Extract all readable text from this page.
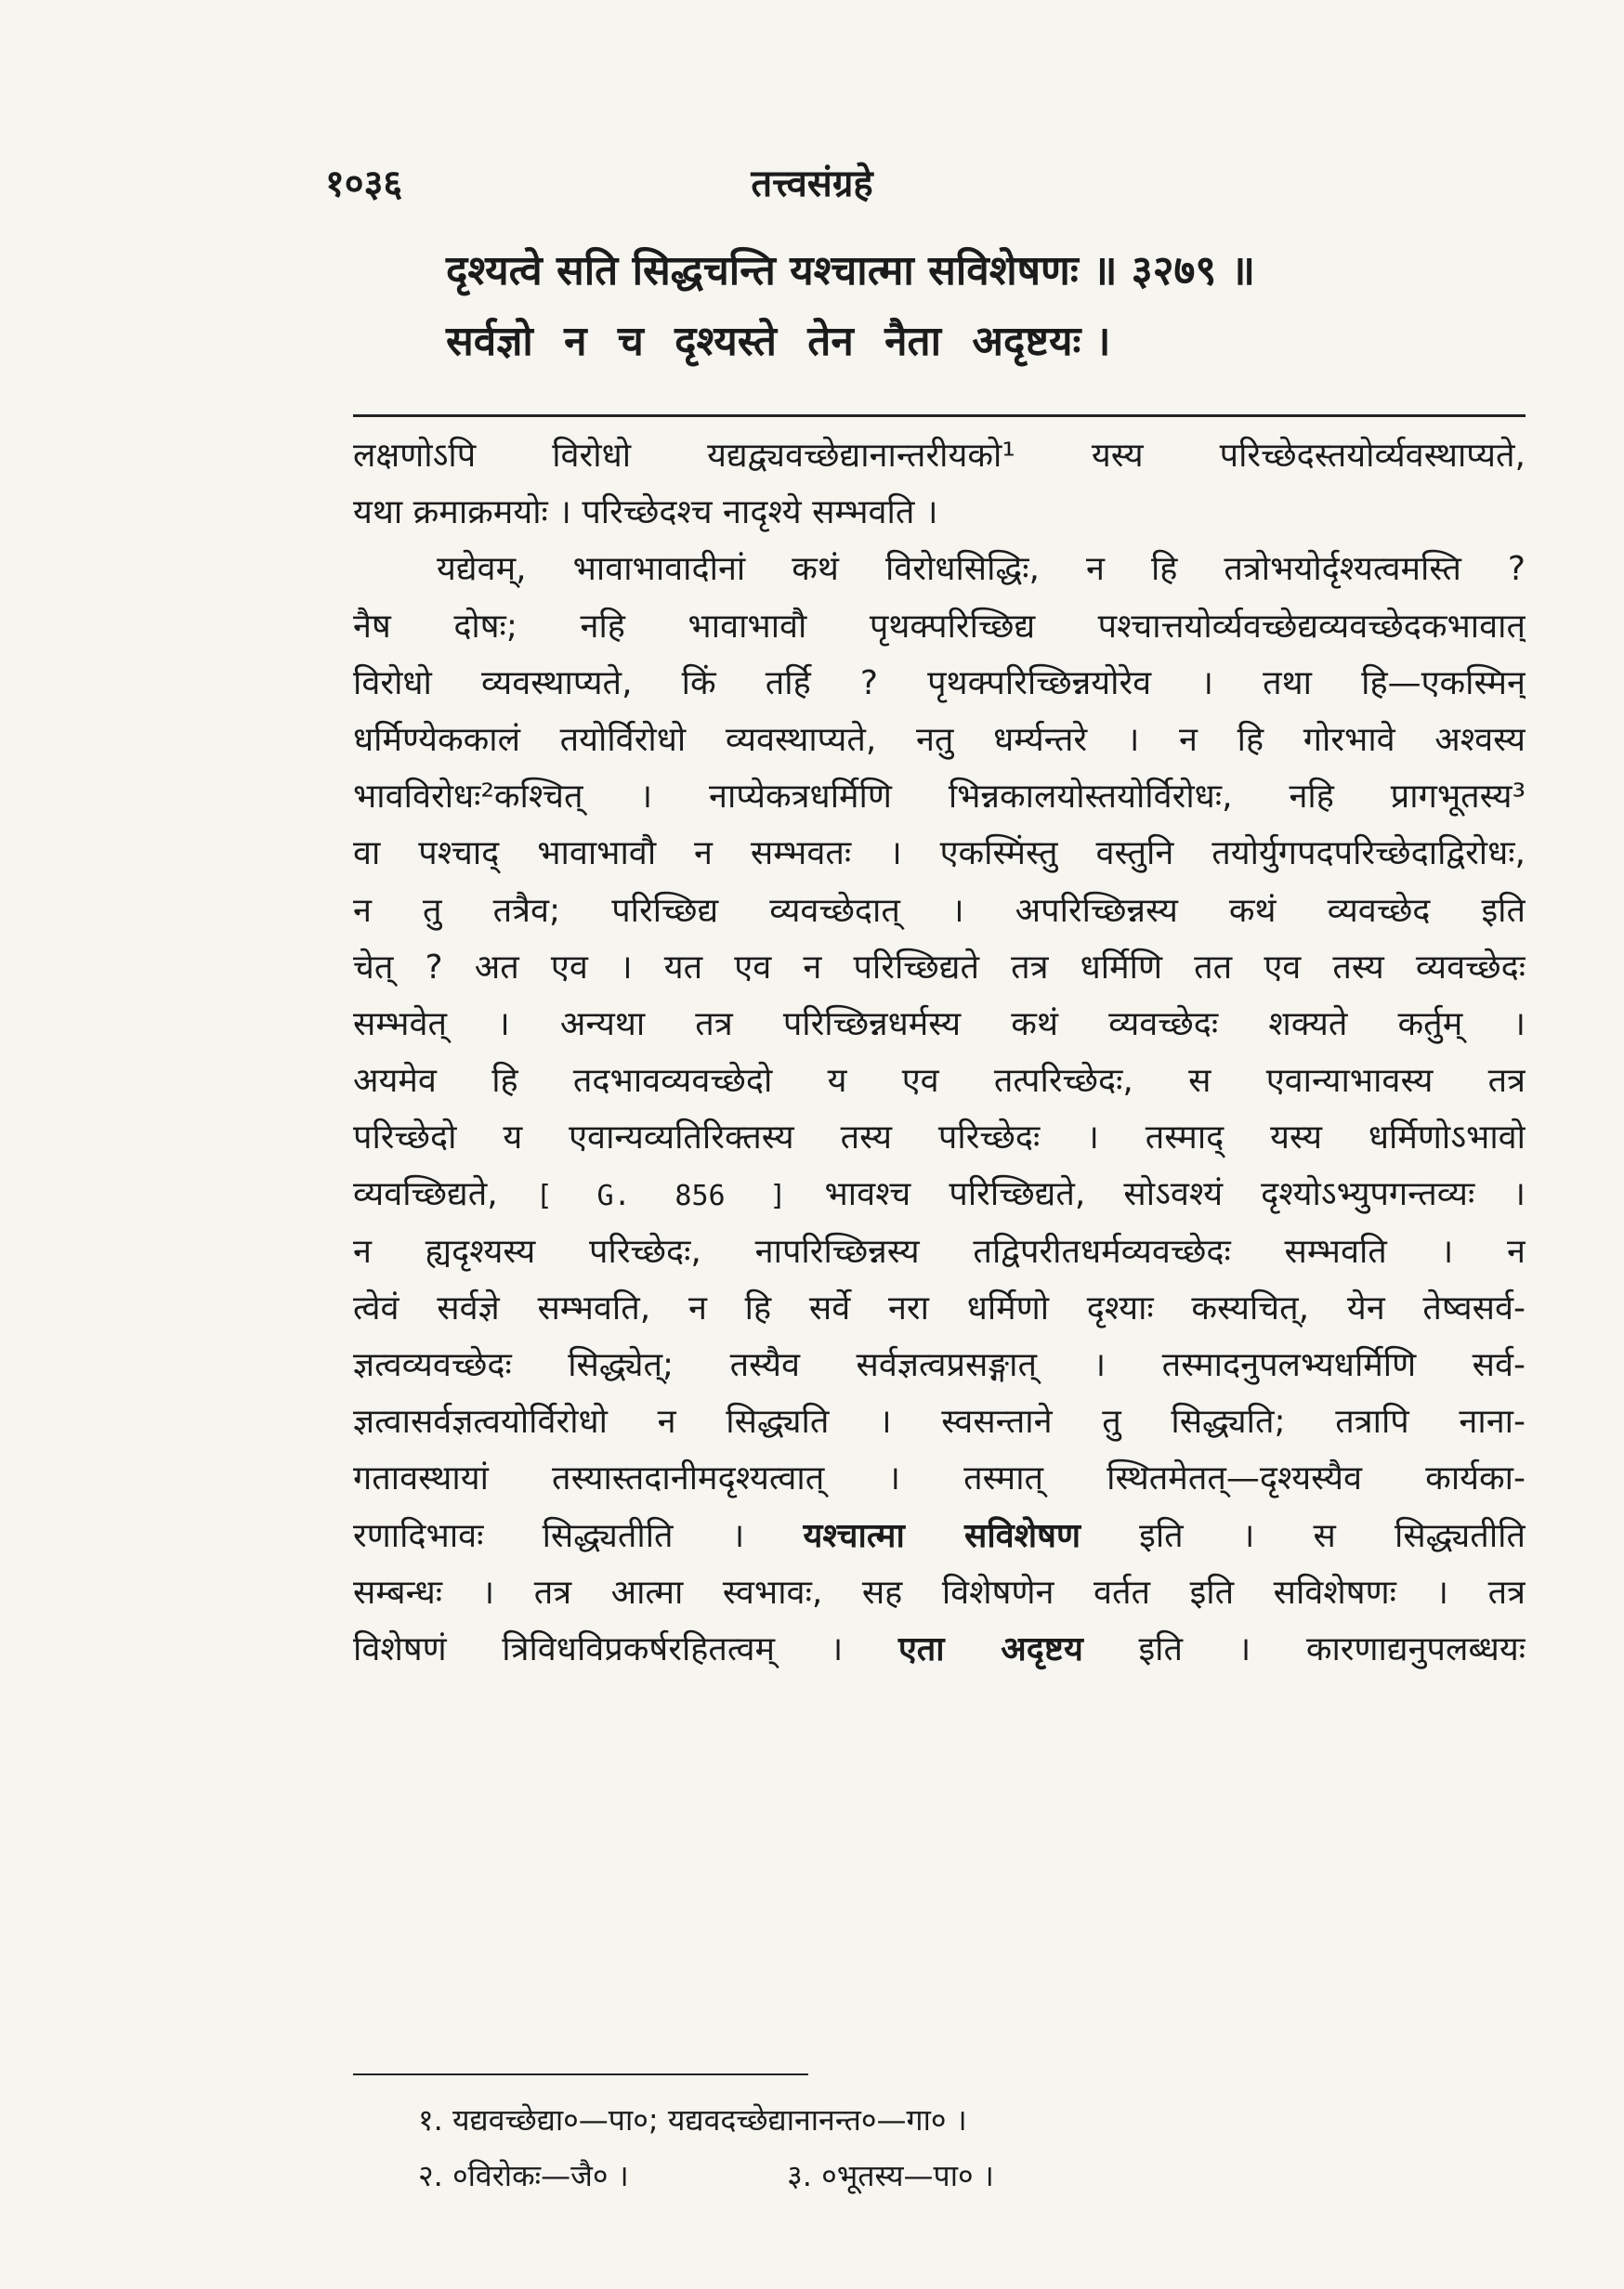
१०३६	तत्त्वसंग्रहे
दृश्यत्वे सति सिद्धचन्ति यश्चात्मा सविशेषणः ॥ ३२७९ ॥
सर्वज्ञो न च दृश्यस्ते तेन नैता अदृष्टयः ।
लक्षणोऽपि विरोधो यद्यद्व्यवच्छेद्यानान्तरीयको¹ यस्य परिच्छेदस्तयोर्व्यवस्थाप्यते,
यथा क्रमाक्रमयोः । परिच्छेदश्च नादृश्ये सम्भवति ।
यद्येवम्, भावाभावादीनां कथं विरोधसिद्धिः, न हि तत्रोभयोर्दृश्यत्वमस्ति ?
नैष दोषः; नहि भावाभावौ पृथक्परिच्छिद्य पश्चात्तयोर्व्यवच्छेद्यव्यवच्छेदकभावात्
विरोधो व्यवस्थाप्यते, किं तर्हि ? पृथक्परिच्छिन्नयोरेव । तथा हि—एकस्मिन्
धर्मिण्येककालं तयोर्विरोधो व्यवस्थाप्यते, नतु धर्म्यन्तरे । न हि गोरभावे अश्वस्य
भावविरोधः²कश्चित् । नाप्येकत्रधर्मिणि भिन्नकालयोस्तयोर्विरोधः, नहि प्रागभूतस्य³
वा पश्चाद् भावाभावौ न सम्भवतः । एकस्मिंस्तु वस्तुनि तयोर्युगपदपरिच्छेदाद्विरोधः,
न तु तत्रैव; परिच्छिद्य व्यवच्छेदात् । अपरिच्छिन्नस्य कथं व्यवच्छेद इति
चेत् ? अत एव । यत एव न परिच्छिद्यते तत्र धर्मिणि तत एव तस्य व्यवच्छेदः
सम्भवेत् । अन्यथा तत्र परिच्छिन्नधर्मस्य कथं व्यवच्छेदः शक्यते कर्तुम् ।
अयमेव हि तदभावव्यवच्छेदो य एव तत्परिच्छेदः, स एवान्याभावस्य तत्र
परिच्छेदो य एवान्यव्यतिरिक्तस्य तस्य परिच्छेदः । तस्माद् यस्य धर्मिणोऽभावो
व्यवच्छिद्यते, [ G. 856 ] भावश्च परिच्छिद्यते, सोऽवश्यं दृश्योऽभ्युपगन्तव्यः ।
न ह्यदृश्यस्य परिच्छेदः, नापरिच्छिन्नस्य तद्विपरीतधर्मव्यवच्छेदः सम्भवति । न
त्वेवं सर्वज्ञे सम्भवति, न हि सर्वे नरा धर्मिणो दृश्याः कस्यचित्, येन तेष्वसर्व-
ज्ञत्वव्यवच्छेदः सिद्ध्येत्; तस्यैव सर्वज्ञत्वप्रसङ्गात् । तस्मादनुपलभ्यधर्मिणि सर्व-
ज्ञत्वासर्वज्ञत्वयोर्विरोधो न सिद्ध्यति । स्वसन्ताने तु सिद्ध्यति; तत्रापि नाना-
गतावस्थायां तस्यास्तदानीमदृश्यत्वात् । तस्मात् स्थितमेतत्—दृश्यस्यैव कार्यका-
रणादिभावः सिद्ध्यतीति । यश्चात्मा सविशेषण इति । स सिद्ध्यतीति
सम्बन्धः । तत्र आत्मा स्वभावः, सह विशेषणेन वर्तत इति सविशेषणः । तत्र
विशेषणं त्रिविधविप्रकर्षरहितत्वम् । एता अदृष्टय इति । कारणाद्यनुपलब्धयः
१. यद्यवच्छेद्या०—पा०; यद्यवदच्छेद्यानानन्त०—गा० ।
२. ०विरोकः—जै० ।	३. ०भूतस्य—पा० ।
